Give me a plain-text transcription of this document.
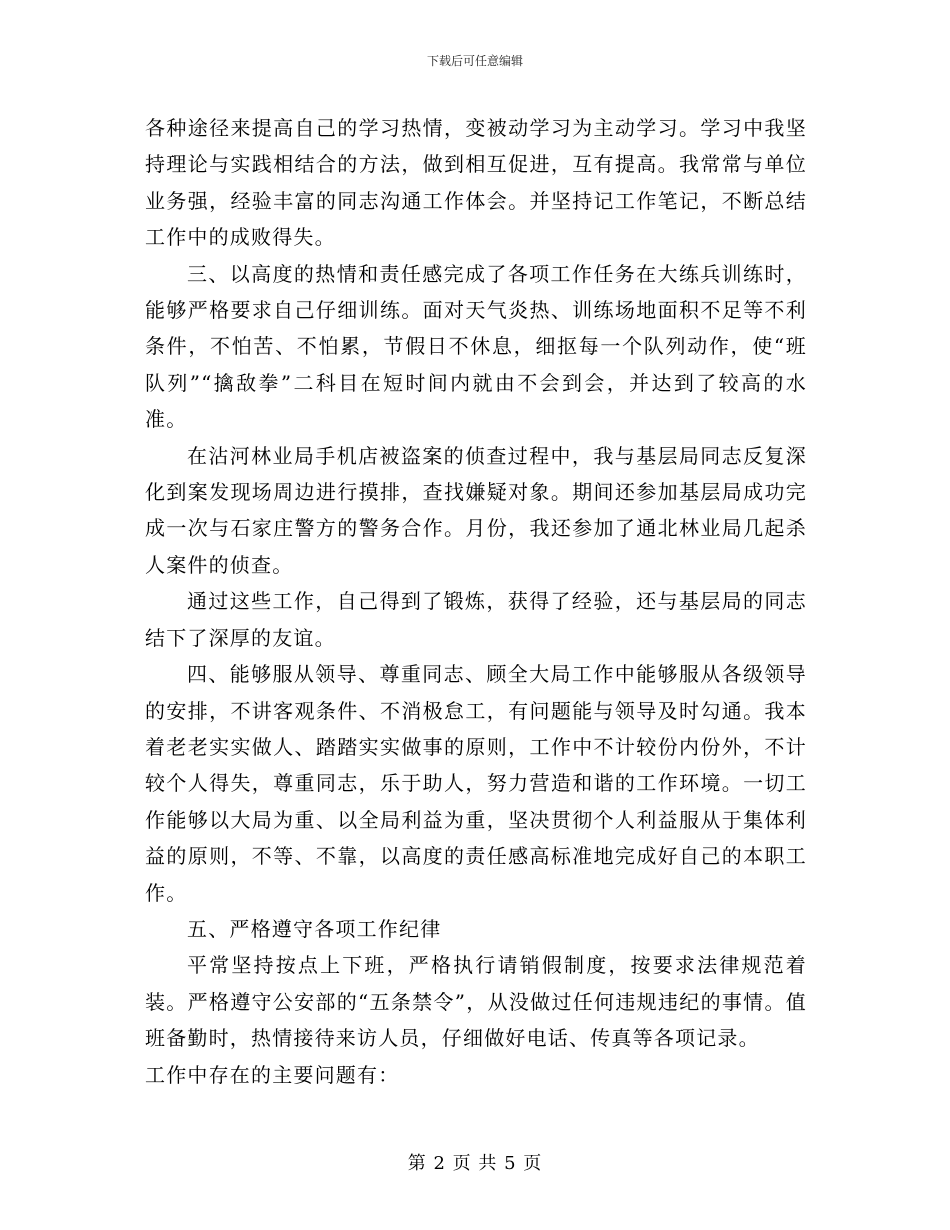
下载后可任意编辑

各种途径来提高自己的学习热情，变被动学习为主动学习。学习中我坚持理论与实践相结合的方法，做到相互促进，互有提高。我常常与单位业务强，经验丰富的同志沟通工作体会。并坚持记工作笔记，不断总结工作中的成败得失。

三、以高度的热情和责任感完成了各项工作任务在大练兵训练时，能够严格要求自己仔细训练。面对天气炎热、训练场地面积不足等不利条件，不怕苦、不怕累，节假日不休息，细抠每一个队列动作，使“班队列”“擒敌拳”二科目在短时间内就由不会到会，并达到了较高的水准。

在沾河林业局手机店被盗案的侦查过程中，我与基层局同志反复深化到案发现场周边进行摸排，查找嫌疑对象。期间还参加基层局成功完成一次与石家庄警方的警务合作。月份，我还参加了通北林业局几起杀人案件的侦查。

通过这些工作，自己得到了锻炼，获得了经验，还与基层局的同志结下了深厚的友谊。

四、能够服从领导、尊重同志、顾全大局工作中能够服从各级领导的安排，不讲客观条件、不消极怠工，有问题能与领导及时勾通。我本着老老实实做人、踏踏实实做事的原则，工作中不计较份内份外，不计较个人得失，尊重同志，乐于助人，努力营造和谐的工作环境。一切工作能够以大局为重、以全局利益为重，坚决贯彻个人利益服从于集体利益的原则，不等、不靠，以高度的责任感高标准地完成好自己的本职工作。

五、严格遵守各项工作纪律

平常坚持按点上下班，严格执行请销假制度，按要求法律规范着装。严格遵守公安部的“五条禁令”，从没做过任何违规违纪的事情。值班备勤时，热情接待来访人员，仔细做好电话、传真等各项记录。

工作中存在的主要问题有：

第 2 页 共 5 页
